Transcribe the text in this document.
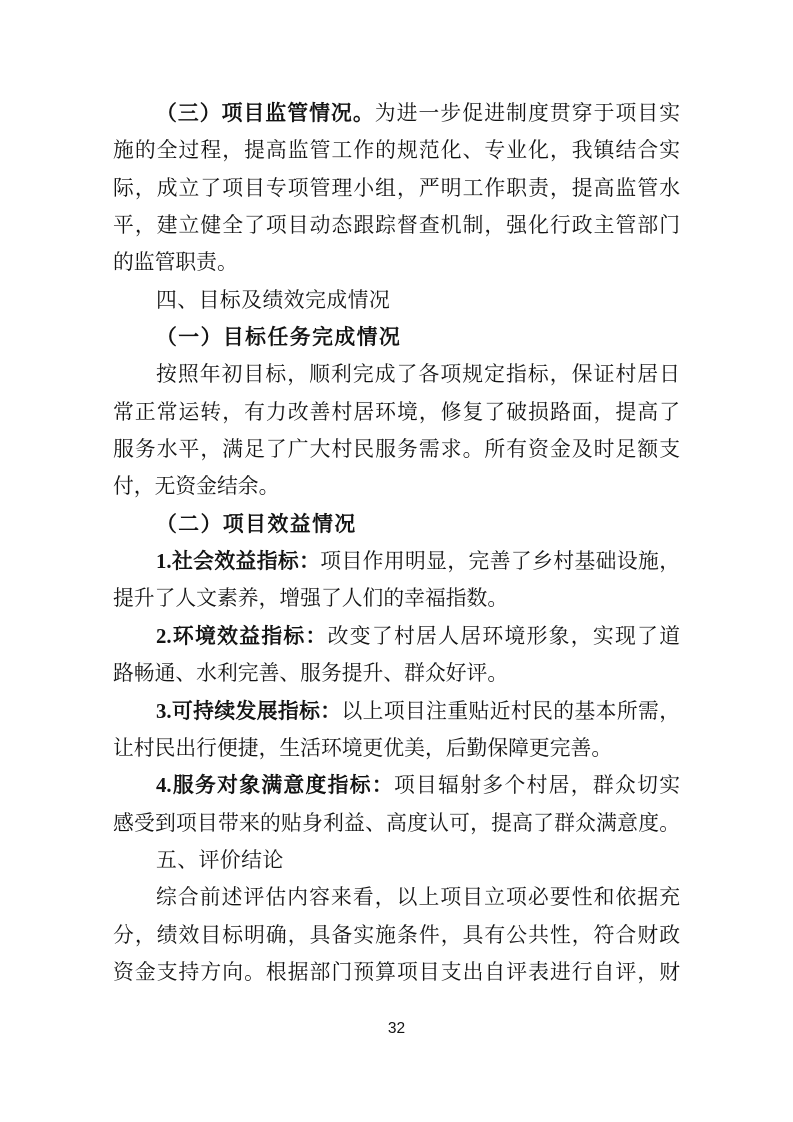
（三）项目监管情况。为进一步促进制度贯穿于项目实
施的全过程，提高监管工作的规范化、专业化，我镇结合实
际，成立了项目专项管理小组，严明工作职责，提高监管水
平，建立健全了项目动态跟踪督查机制，强化行政主管部门
的监管职责。
四、目标及绩效完成情况
（一）目标任务完成情况
按照年初目标，顺利完成了各项规定指标，保证村居日
常正常运转，有力改善村居环境，修复了破损路面，提高了
服务水平，满足了广大村民服务需求。所有资金及时足额支
付，无资金结余。
（二）项目效益情况
1.社会效益指标：项目作用明显，完善了乡村基础设施，
提升了人文素养，增强了人们的幸福指数。
2.环境效益指标：改变了村居人居环境形象，实现了道
路畅通、水利完善、服务提升、群众好评。
3.可持续发展指标：以上项目注重贴近村民的基本所需，
让村民出行便捷，生活环境更优美，后勤保障更完善。
4.服务对象满意度指标：项目辐射多个村居，群众切实
感受到项目带来的贴身利益、高度认可，提高了群众满意度。
五、评价结论
综合前述评估内容来看，以上项目立项必要性和依据充
分，绩效目标明确，具备实施条件，具有公共性，符合财政
资金支持方向。根据部门预算项目支出自评表进行自评，财
32
